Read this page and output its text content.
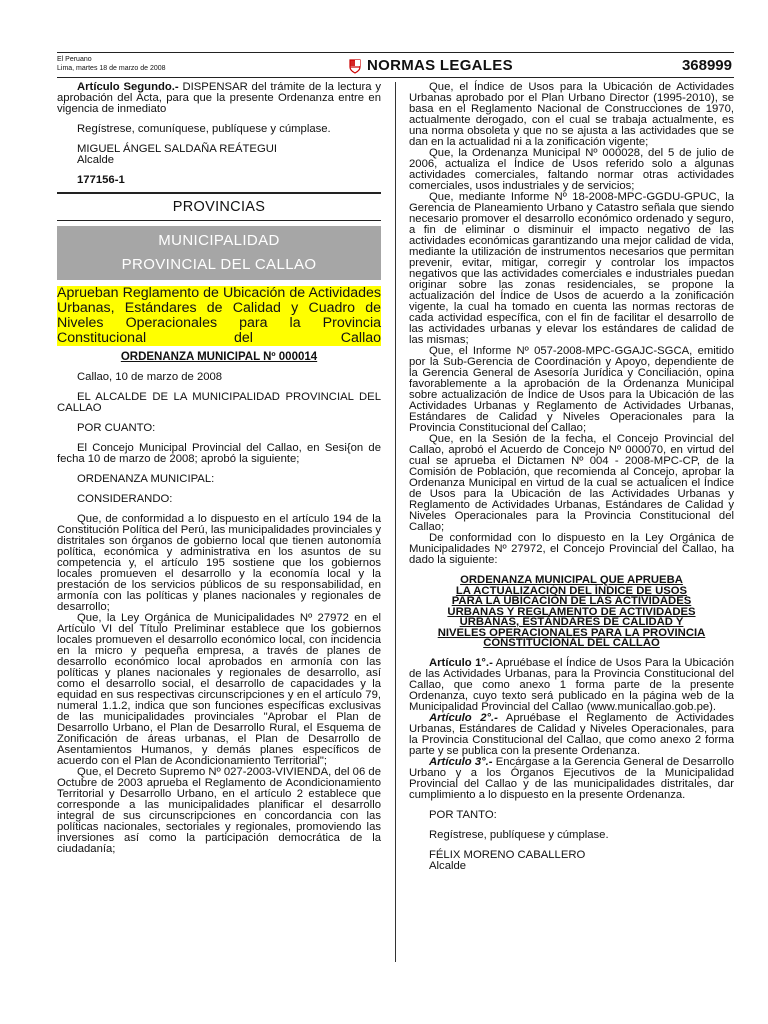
El Peruano
Lima, martes 18 de marzo de 2008	NORMAS LEGALES	368999

Artículo Segundo.- DISPENSAR del trámite de la lectura y aprobación del Acta, para que la presente Ordenanza entre en vigencia de inmediato

Regístrese, comuníquese, publíquese y cúmplase.

MIGUEL ÁNGEL SALDAÑA REÁTEGUI

Alcalde

177156-1

PROVINCIAS
MUNICIPALIDAD
PROVINCIAL DEL CALLAO
Aprueban Reglamento de Ubicación de Actividades Urbanas, Estándares de Calidad y Cuadro de Niveles Operacionales para la Provincia Constitucional del Callao
ORDENANZA MUNICIPAL Nº 000014

Callao, 10 de marzo de 2008

EL ALCALDE DE LA MUNICIPALIDAD PROVINCIAL DEL CALLAO

POR CUANTO:

El Concejo Municipal Provincial del Callao, en Sesi{on de fecha 10 de marzo de 2008; aprobó la siguiente;

ORDENANZA MUNICIPAL:

CONSIDERANDO:

Que, de conformidad a lo dispuesto en el artículo 194 de la Constitución Política del Perú, las municipalidades provinciales y distritales son órganos de gobierno local que tienen autonomía política, económica y administrativa en los asuntos de su competencia y, el artículo 195 sostiene que los gobiernos locales promueven el desarrollo y la economía local y la prestación de los servicios públicos de su responsabilidad, en armonía con las políticas y planes nacionales y regionales de desarrollo;

Que, la Ley Orgánica de Municipalidades Nº 27972 en el Artículo VI del Título Preliminar establece que los gobiernos locales promueven el desarrollo económico local, con incidencia en la micro y pequeña empresa, a través de planes de desarrollo económico local aprobados en armonía con las políticas y planes nacionales y regionales de desarrollo, así como el desarrollo social, el desarrollo de capacidades y la equidad en sus respectivas circunscripciones y en el artículo 79, numeral 1.1.2, indica que son funciones específicas exclusivas de las municipalidades provinciales "Aprobar el Plan de Desarrollo Urbano, el Plan de Desarrollo Rural, el Esquema de Zonificación de áreas urbanas, el Plan de Desarrollo de Asentamientos Humanos, y demás planes específicos de acuerdo con el Plan de Acondicionamiento Territorial";

Que, el Decreto Supremo Nº 027-2003-VIVIENDA, del 06 de Octubre de 2003 aprueba el Reglamento de Acondicionamiento Territorial y Desarrollo Urbano, en el artículo 2 establece que corresponde a las municipalidades planificar el desarrollo integral de sus circunscripciones en concordancia con las políticas nacionales, sectoriales y regionales, promoviendo las inversiones así como la participación democrática de la ciudadanía;

Que, el Índice de Usos para la Ubicación de Actividades Urbanas aprobado por el Plan Urbano Director (1995-2010), se basa en el Reglamento Nacional de Construcciones de 1970, actualmente derogado, con el cual se trabaja actualmente, es una norma obsoleta y que no se ajusta a las actividades que se dan en la actualidad ni a la zonificación vigente;

Que, la Ordenanza Municipal Nº 000028, del 5 de julio de 2006, actualiza el Índice de Usos referido solo a algunas actividades comerciales, faltando normar otras actividades comerciales, usos industriales y de servicios;

Que, mediante Informe Nº 18-2008-MPC-GGDU-GPUC, la Gerencia de Planeamiento Urbano y Catastro señala que siendo necesario promover el desarrollo económico ordenado y seguro, a fin de eliminar o disminuir el impacto negativo de las actividades económicas garantizando una mejor calidad de vida, mediante la utilización de instrumentos necesarios que permitan prevenir, evitar, mitigar, corregir y controlar los impactos negativos que las actividades comerciales e industriales puedan originar sobre las zonas residenciales, se propone la actualización del Índice de Usos de acuerdo a la zonificación vigente, la cual ha tomado en cuenta las normas rectoras de cada actividad específica, con el fin de facilitar el desarrollo de las actividades urbanas y elevar los estándares de calidad de las mismas;

Que, el Informe Nº 057-2008-MPC-GGAJC-SGCA, emitido por la Sub-Gerencia de Coordinación y Apoyo, dependiente de la Gerencia General de Asesoría Jurídica y Conciliación, opina favorablemente a la aprobación de la Ordenanza Municipal sobre actualización de Índice de Usos para la Ubicación de las Actividades Urbanas y Reglamento de Actividades Urbanas, Estándares de Calidad y Niveles Operacionales para la Provincia Constitucional del Callao;

Que, en la Sesión de la fecha, el Concejo Provincial del Callao, aprobó el Acuerdo de Concejo Nº 000070, en virtud del cual se aprueba el Dictamen Nº 004 - 2008-MPC-CP, de la Comisión de Población, que recomienda al Concejo, aprobar la Ordenanza Municipal en virtud de la cual se actualicen el Índice de Usos para la Ubicación de las Actividades Urbanas y Reglamento de Actividades Urbanas, Estándares de Calidad y Niveles Operacionales para la Provincia Constitucional del Callao;

De conformidad con lo dispuesto en la Ley Orgánica de Municipalidades Nº 27972, el Concejo Provincial del Callao, ha dado la siguiente:

ORDENANZA MUNICIPAL QUE APRUEBA
LA ACTUALIZACIÓN DEL ÍNDICE DE USOS
PARA LA UBICACIÓN DE LAS ACTIVIDADES
URBANAS Y REGLAMENTO DE ACTIVIDADES
URBANAS, ESTÁNDARES DE CALIDAD Y
NIVELES OPERACIONALES PARA LA PROVINCIA
CONSTITUCIONAL DEL CALLAO

Artículo 1°.- Apruébase el Índice de Usos Para la Ubicación de las Actividades Urbanas, para la Provincia Constitucional del Callao, que como anexo 1 forma parte de la presente Ordenanza, cuyo texto será publicado en la página web de la Municipalidad Provincial del Callao (www.municallao.gob.pe).

Artículo 2°.- Apruébase el Reglamento de Actividades Urbanas, Estándares de Calidad y Niveles Operacionales, para la Provincia Constitucional del Callao, que como anexo 2 forma parte y se publica con la presente Ordenanza.

Artículo 3°.- Encárgase a la Gerencia General de Desarrollo Urbano y a los Órganos Ejecutivos de la Municipalidad Provincial del Callao y de las municipalidades distritales, dar cumplimiento a lo dispuesto en la presente Ordenanza.

POR TANTO:

Regístrese, publíquese y cúmplase.

FÉLIX MORENO CABALLERO

Alcalde
